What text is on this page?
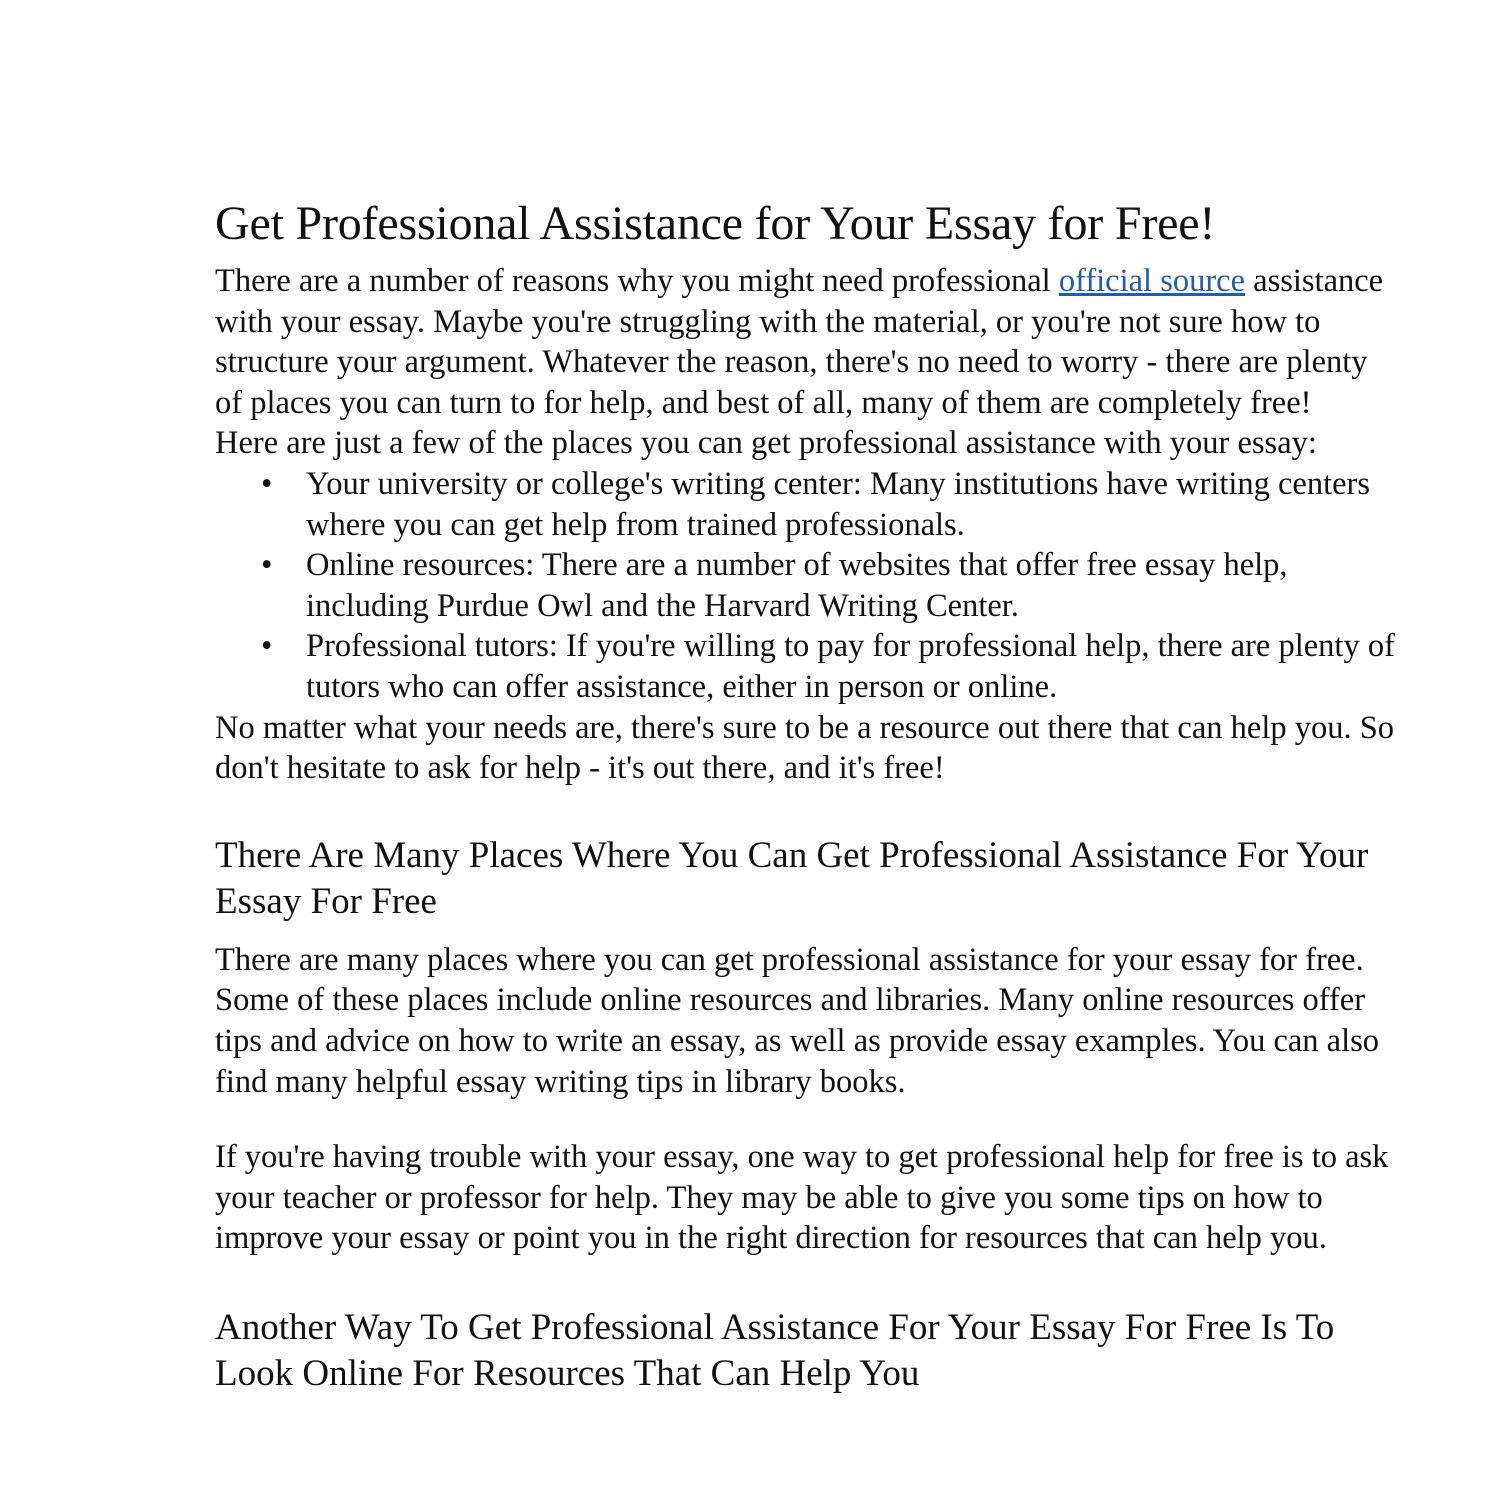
Get Professional Assistance for Your Essay for Free!

There are a number of reasons why you might need professional official source assistance with your essay. Maybe you're struggling with the material, or you're not sure how to structure your argument. Whatever the reason, there's no need to worry - there are plenty of places you can turn to for help, and best of all, many of them are completely free!

Here are just a few of the places you can get professional assistance with your essay:

• Your university or college's writing center: Many institutions have writing centers where you can get help from trained professionals.
• Online resources: There are a number of websites that offer free essay help, including Purdue Owl and the Harvard Writing Center.
• Professional tutors: If you're willing to pay for professional help, there are plenty of tutors who can offer assistance, either in person or online.

No matter what your needs are, there's sure to be a resource out there that can help you. So don't hesitate to ask for help - it's out there, and it's free!

There Are Many Places Where You Can Get Professional Assistance For Your Essay For Free

There are many places where you can get professional assistance for your essay for free. Some of these places include online resources and libraries. Many online resources offer tips and advice on how to write an essay, as well as provide essay examples. You can also find many helpful essay writing tips in library books.

If you're having trouble with your essay, one way to get professional help for free is to ask your teacher or professor for help. They may be able to give you some tips on how to improve your essay or point you in the right direction for resources that can help you.

Another Way To Get Professional Assistance For Your Essay For Free Is To Look Online For Resources That Can Help You
